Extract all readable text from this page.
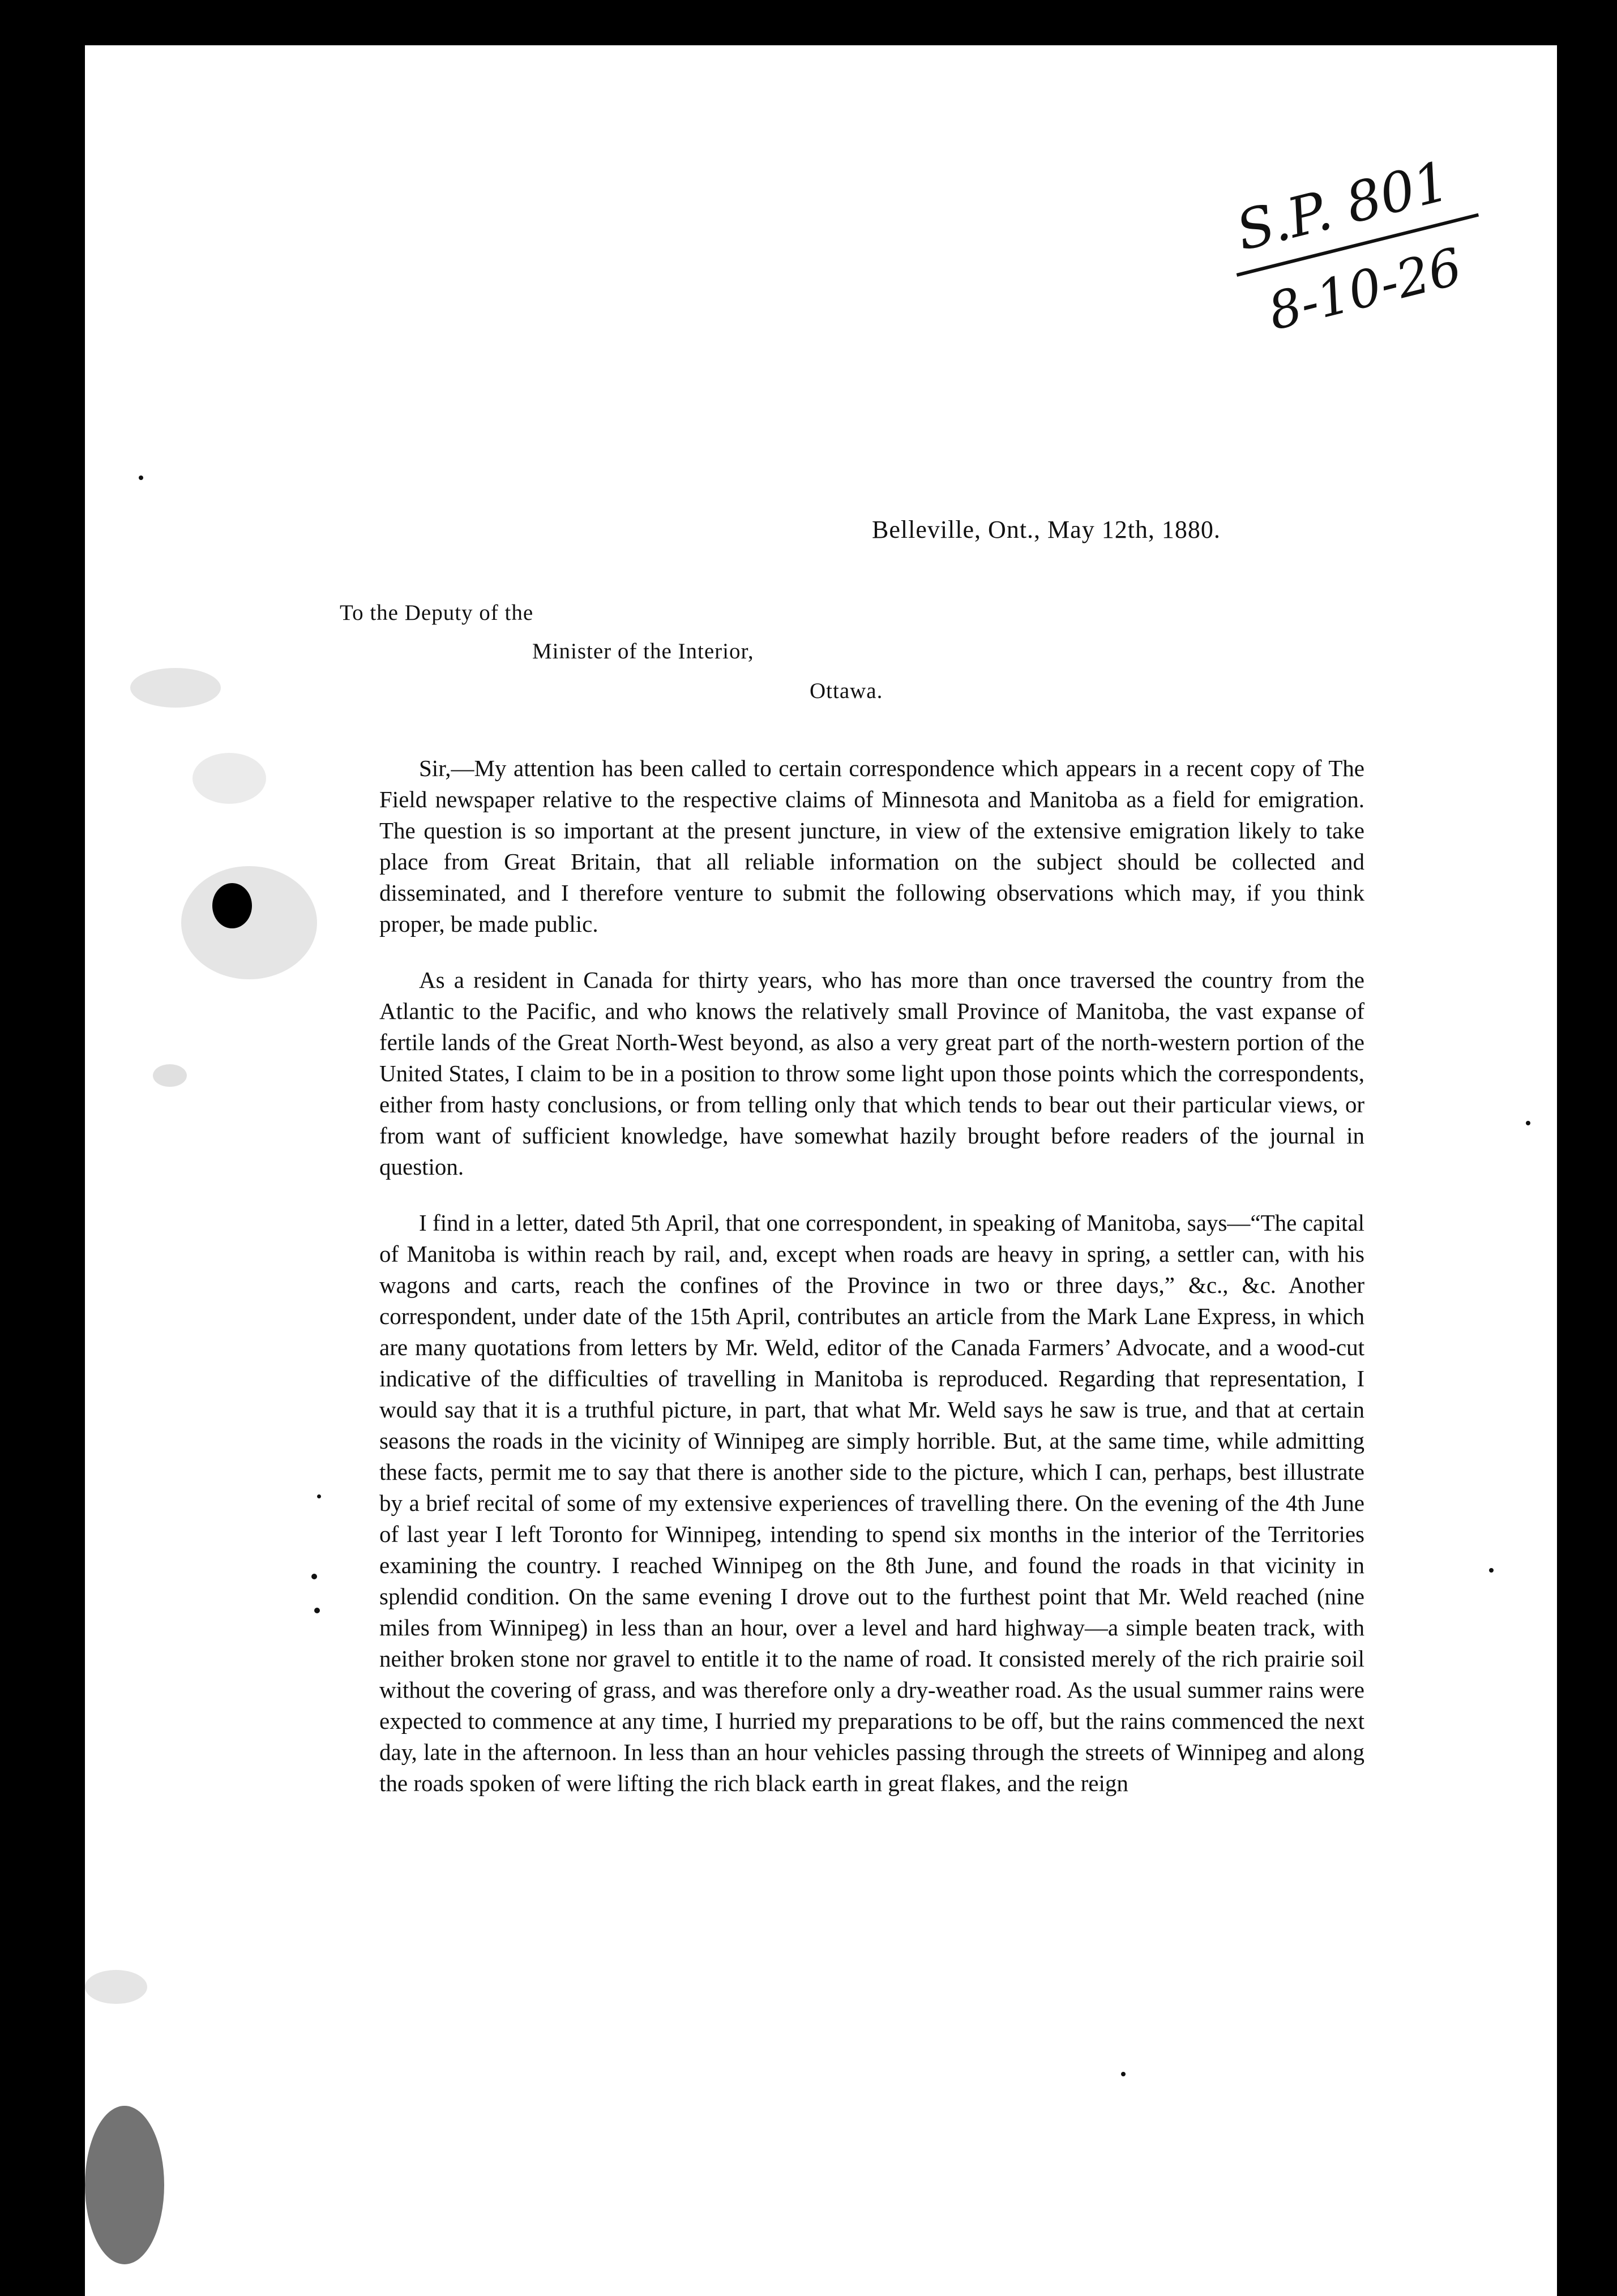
S.P. 801
8-10-26
Belleville, Ont., May 12th, 1880.
To the Deputy of the
Minister of the Interior,
Ottawa.

Sir,—My attention has been called to certain correspondence which appears in a recent copy of The Field newspaper relative to the respective claims of Minnesota and Manitoba as a field for emigration. The question is so important at the present juncture, in view of the extensive emigration likely to take place from Great Britain, that all reliable information on the subject should be collected and disseminated, and I therefore venture to submit the following observations which may, if you think proper, be made public.

As a resident in Canada for thirty years, who has more than once traversed the country from the Atlantic to the Pacific, and who knows the relatively small Province of Manitoba, the vast expanse of fertile lands of the Great North-West beyond, as also a very great part of the north-western portion of the United States, I claim to be in a position to throw some light upon those points which the correspondents, either from hasty conclusions, or from telling only that which tends to bear out their particular views, or from want of sufficient knowledge, have somewhat hazily brought before readers of the journal in question.

I find in a letter, dated 5th April, that one correspondent, in speaking of Manitoba, says—“The capital of Manitoba is within reach by rail, and, except when roads are heavy in spring, a settler can, with his wagons and carts, reach the confines of the Province in two or three days,” &c., &c. Another correspondent, under date of the 15th April, contributes an article from the Mark Lane Express, in which are many quotations from letters by Mr. Weld, editor of the Canada Farmers’ Advocate, and a wood-cut indicative of the difficulties of travelling in Manitoba is reproduced. Regarding that representation, I would say that it is a truthful picture, in part, that what Mr. Weld says he saw is true, and that at certain seasons the roads in the vicinity of Winnipeg are simply horrible. But, at the same time, while admitting these facts, permit me to say that there is another side to the picture, which I can, perhaps, best illustrate by a brief recital of some of my extensive experiences of travelling there. On the evening of the 4th June of last year I left Toronto for Winnipeg, intending to spend six months in the interior of the Territories examining the country. I reached Winnipeg on the 8th June, and found the roads in that vicinity in splendid condition. On the same evening I drove out to the furthest point that Mr. Weld reached (nine miles from Winnipeg) in less than an hour, over a level and hard highway—a simple beaten track, with neither broken stone nor gravel to entitle it to the name of road. It consisted merely of the rich prairie soil without the covering of grass, and was therefore only a dry-weather road. As the usual summer rains were expected to commence at any time, I hurried my preparations to be off, but the rains commenced the next day, late in the afternoon. In less than an hour vehicles passing through the streets of Winnipeg and along the roads spoken of were lifting the rich black earth in great flakes, and the reign
